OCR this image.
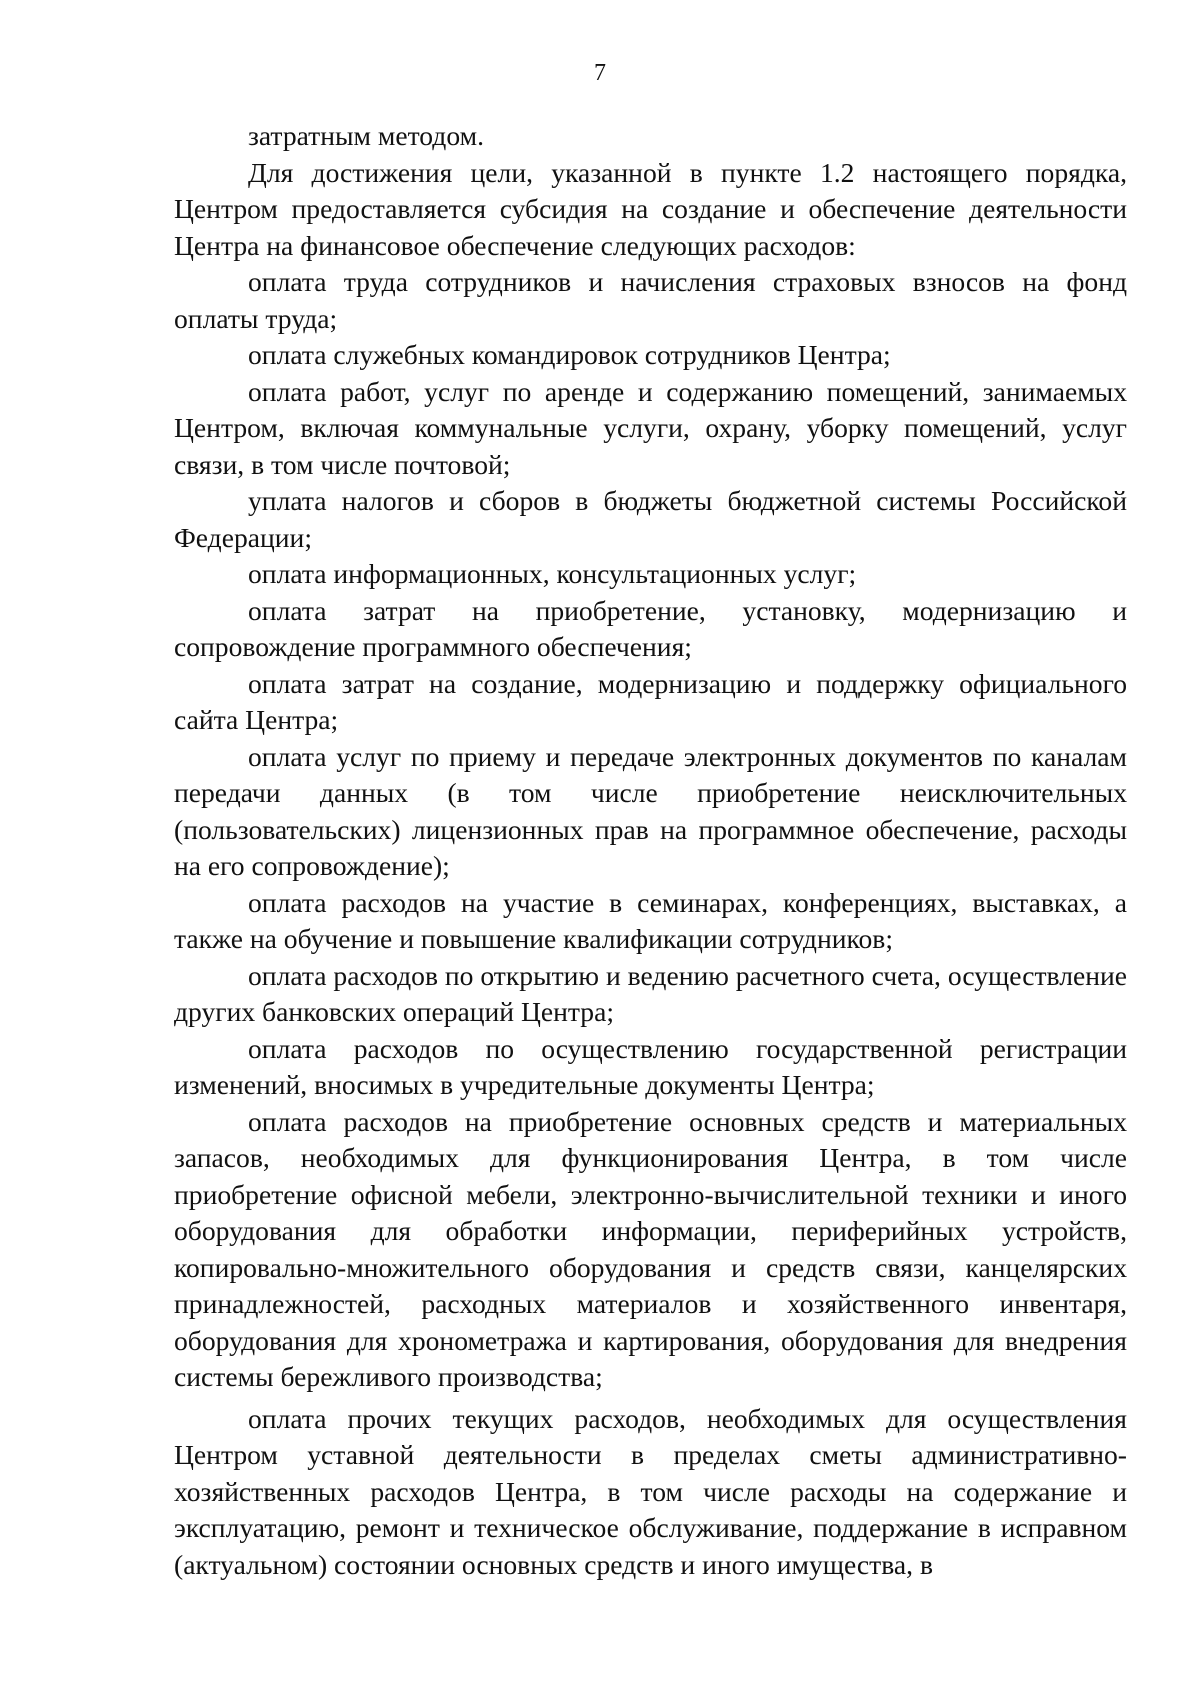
7

затратным методом.

Для достижения цели, указанной в пункте 1.2 настоящего порядка, Центром предоставляется субсидия на создание и обеспечение деятельности Центра на финансовое обеспечение следующих расходов:

оплата труда сотрудников и начисления страховых взносов на фонд оплаты труда;

оплата служебных командировок сотрудников Центра;

оплата работ, услуг по аренде и содержанию помещений, занимаемых Центром, включая коммунальные услуги, охрану, уборку помещений, услуг связи, в том числе почтовой;

уплата налогов и сборов в бюджеты бюджетной системы Российской Федерации;

оплата информационных, консультационных услуг;

оплата затрат на приобретение, установку, модернизацию и сопровождение программного обеспечения;

оплата затрат на создание, модернизацию и поддержку официального сайта Центра;

оплата услуг по приему и передаче электронных документов по каналам передачи данных (в том числе приобретение неисключительных (пользовательских) лицензионных прав на программное обеспечение, расходы на его сопровождение);

оплата расходов на участие в семинарах, конференциях, выставках, а также на обучение и повышение квалификации сотрудников;

оплата расходов по открытию и ведению расчетного счета, осуществление других банковских операций Центра;

оплата расходов по осуществлению государственной регистрации изменений, вносимых в учредительные документы Центра;

оплата расходов на приобретение основных средств и материальных запасов, необходимых для функционирования Центра, в том числе приобретение офисной мебели, электронно-вычислительной техники и иного оборудования для обработки информации, периферийных устройств, копировально-множительного оборудования и средств связи, канцелярских принадлежностей, расходных материалов и хозяйственного инвентаря, оборудования для хронометража и картирования, оборудования для внедрения системы бережливого производства;

оплата прочих текущих расходов, необходимых для осуществления Центром уставной деятельности в пределах сметы административно-хозяйственных расходов Центра, в том числе расходы на содержание и эксплуатацию, ремонт и техническое обслуживание, поддержание в исправном (актуальном) состоянии основных средств и иного имущества, в
